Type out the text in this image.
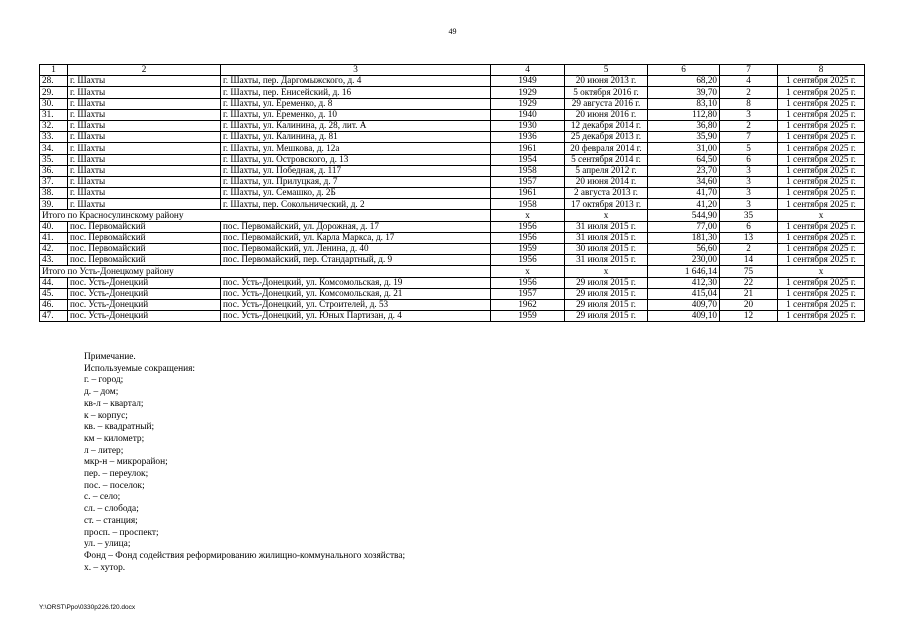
49
1	2	3	4	5	6	7	8
28.	г. Шахты	г. Шахты, пер. Даргомыжского, д. 4	1949	20 июня 2013 г.	68,20	4	1 сентября 2025 г.
29.	г. Шахты	г. Шахты, пер. Енисейский, д. 16	1929	5 октября 2016 г.	39,70	2	1 сентября 2025 г.
30.	г. Шахты	г. Шахты, ул. Еременко, д. 8	1929	29 августа 2016 г.	83,10	8	1 сентября 2025 г.
31.	г. Шахты	г. Шахты, ул. Еременко, д. 10	1940	20 июня 2016 г.	112,80	3	1 сентября 2025 г.
32.	г. Шахты	г. Шахты, ул. Калинина, д. 28, лит. А	1930	12 декабря 2014 г.	36,80	2	1 сентября 2025 г.
33.	г. Шахты	г. Шахты, ул. Калинина, д. 81	1936	25 декабря 2013 г.	35,90	7	1 сентября 2025 г.
34.	г. Шахты	г. Шахты, ул. Мешкова, д. 12а	1961	20 февраля 2014 г.	31,00	5	1 сентября 2025 г.
35.	г. Шахты	г. Шахты, ул. Островского, д. 13	1954	5 сентября 2014 г.	64,50	6	1 сентября 2025 г.
36.	г. Шахты	г. Шахты, ул. Победная, д. 117	1958	5 апреля 2012 г.	23,70	3	1 сентября 2025 г.
37.	г. Шахты	г. Шахты, ул. Прилуцкая, д. 7	1957	20 июня 2014 г.	34,60	3	1 сентября 2025 г.
38.	г. Шахты	г. Шахты, ул. Семашко, д. 2Б	1961	2 августа 2013 г.	41,70	3	1 сентября 2025 г.
39.	г. Шахты	г. Шахты, пер. Сокольнический, д. 2	1958	17 октября 2013 г.	41,20	3	1 сентября 2025 г.
Итого по Красносулинскому району			х	х	544,90	35	х
40.	пос. Первомайский	пос. Первомайский, ул. Дорожная, д. 17	1956	31 июля 2015 г.	77,00	6	1 сентября 2025 г.
41.	пос. Первомайский	пос. Первомайский, ул. Карла Маркса, д. 17	1956	31 июля 2015 г.	181,30	13	1 сентября 2025 г.
42.	пос. Первомайский	пос. Первомайский, ул. Ленина, д. 40	1959	30 июля 2015 г.	56,60	2	1 сентября 2025 г.
43.	пос. Первомайский	пос. Первомайский, пер. Стандартный, д. 9	1956	31 июля 2015 г.	230,00	14	1 сентября 2025 г.
Итого по Усть-Донецкому району			х	х	1 646,14	75	х
44.	пос. Усть-Донецкий	пос. Усть-Донецкий, ул. Комсомольская, д. 19	1956	29 июля 2015 г.	412,30	22	1 сентября 2025 г.
45.	пос. Усть-Донецкий	пос. Усть-Донецкий, ул. Комсомольская, д. 21	1957	29 июля 2015 г.	415,04	21	1 сентября 2025 г.
46.	пос. Усть-Донецкий	пос. Усть-Донецкий, ул. Строителей, д. 53	1962	29 июля 2015 г.	409,70	20	1 сентября 2025 г.
47.	пос. Усть-Донецкий	пос. Усть-Донецкий, ул. Юных Партизан, д. 4	1959	29 июля 2015 г.	409,10	12	1 сентября 2025 г.
Примечание.
Используемые сокращения:
г. – город;
д. – дом;
кв-л – квартал;
к – корпус;
кв. – квадратный;
км – километр;
л – литер;
мкр-н – микрорайон;
пер. – переулок;
пос. – поселок;
с. – село;
сл. – слобода;
ст. – станция;
просп. – проспект;
ул. – улица;
Фонд – Фонд содействия реформированию жилищно-коммунального хозяйства;
х. – хутор.
Y:\ORST\Ppo\0330p226.f20.docx
